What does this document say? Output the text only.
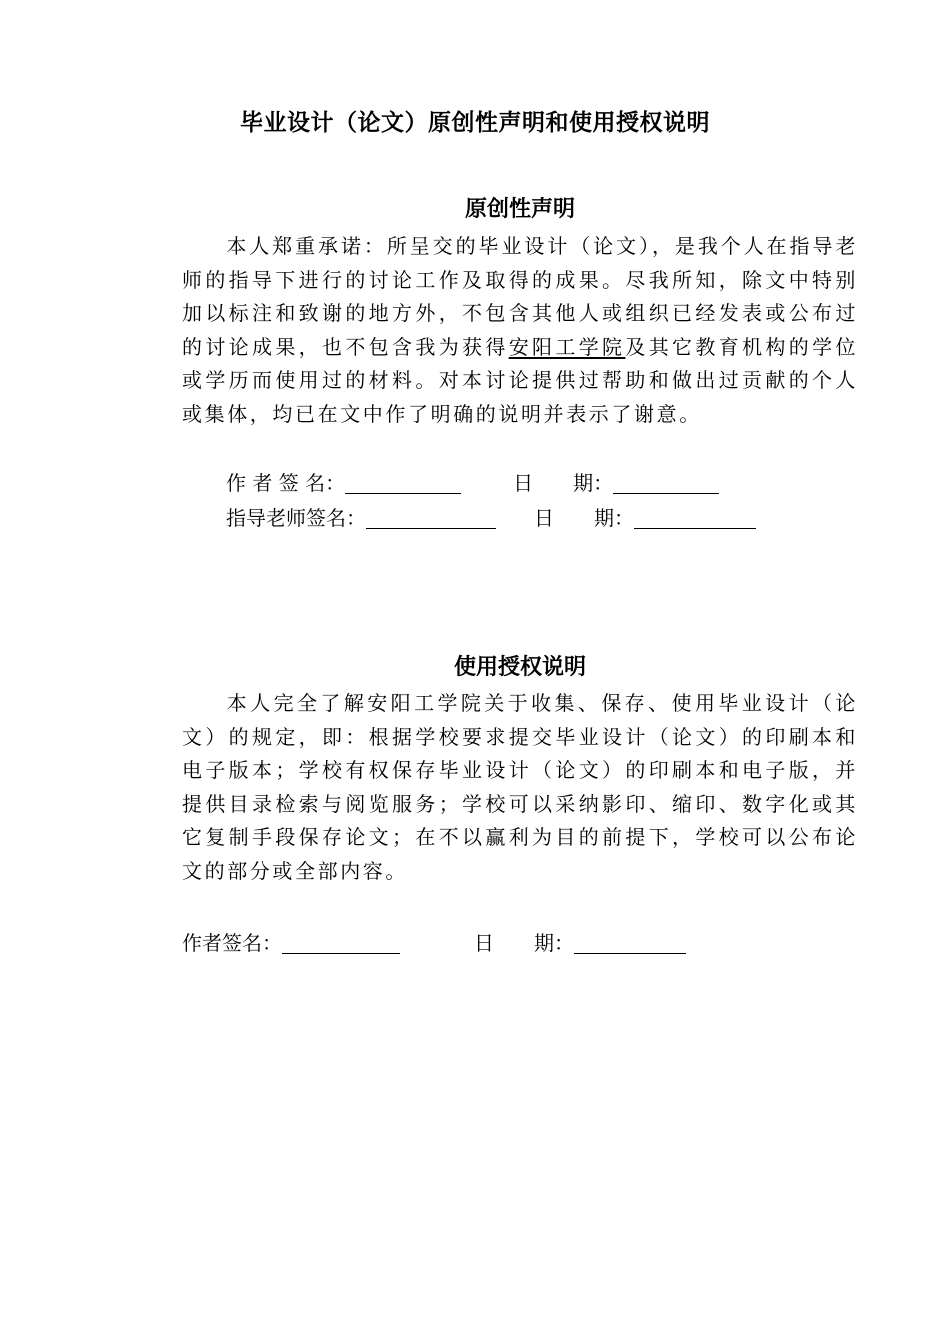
毕业设计（论文）原创性声明和使用授权说明
原创性声明
本人郑重承诺：所呈交的毕业设计（论文），是我个人在指导老师的指导下进行的讨论工作及取得的成果。尽我所知，除文中特别加以标注和致谢的地方外，不包含其他人或组织已经发表或公布过的讨论成果，也不包含我为获得安阳工学院及其它教育机构的学位或学历而使用过的材料。对本讨论提供过帮助和做出过贡献的个人或集体，均已在文中作了明确的说明并表示了谢意。
作 者 签 名：	日　　期：
指导老师签名：	日　　期：
使用授权说明
本人完全了解安阳工学院关于收集、保存、使用毕业设计（论文）的规定，即：根据学校要求提交毕业设计（论文）的印刷本和电子版本；学校有权保存毕业设计（论文）的印刷本和电子版，并提供目录检索与阅览服务；学校可以采纳影印、缩印、数字化或其它复制手段保存论文；在不以赢利为目的前提下，学校可以公布论文的部分或全部内容。
作者签名：	日　　期：
